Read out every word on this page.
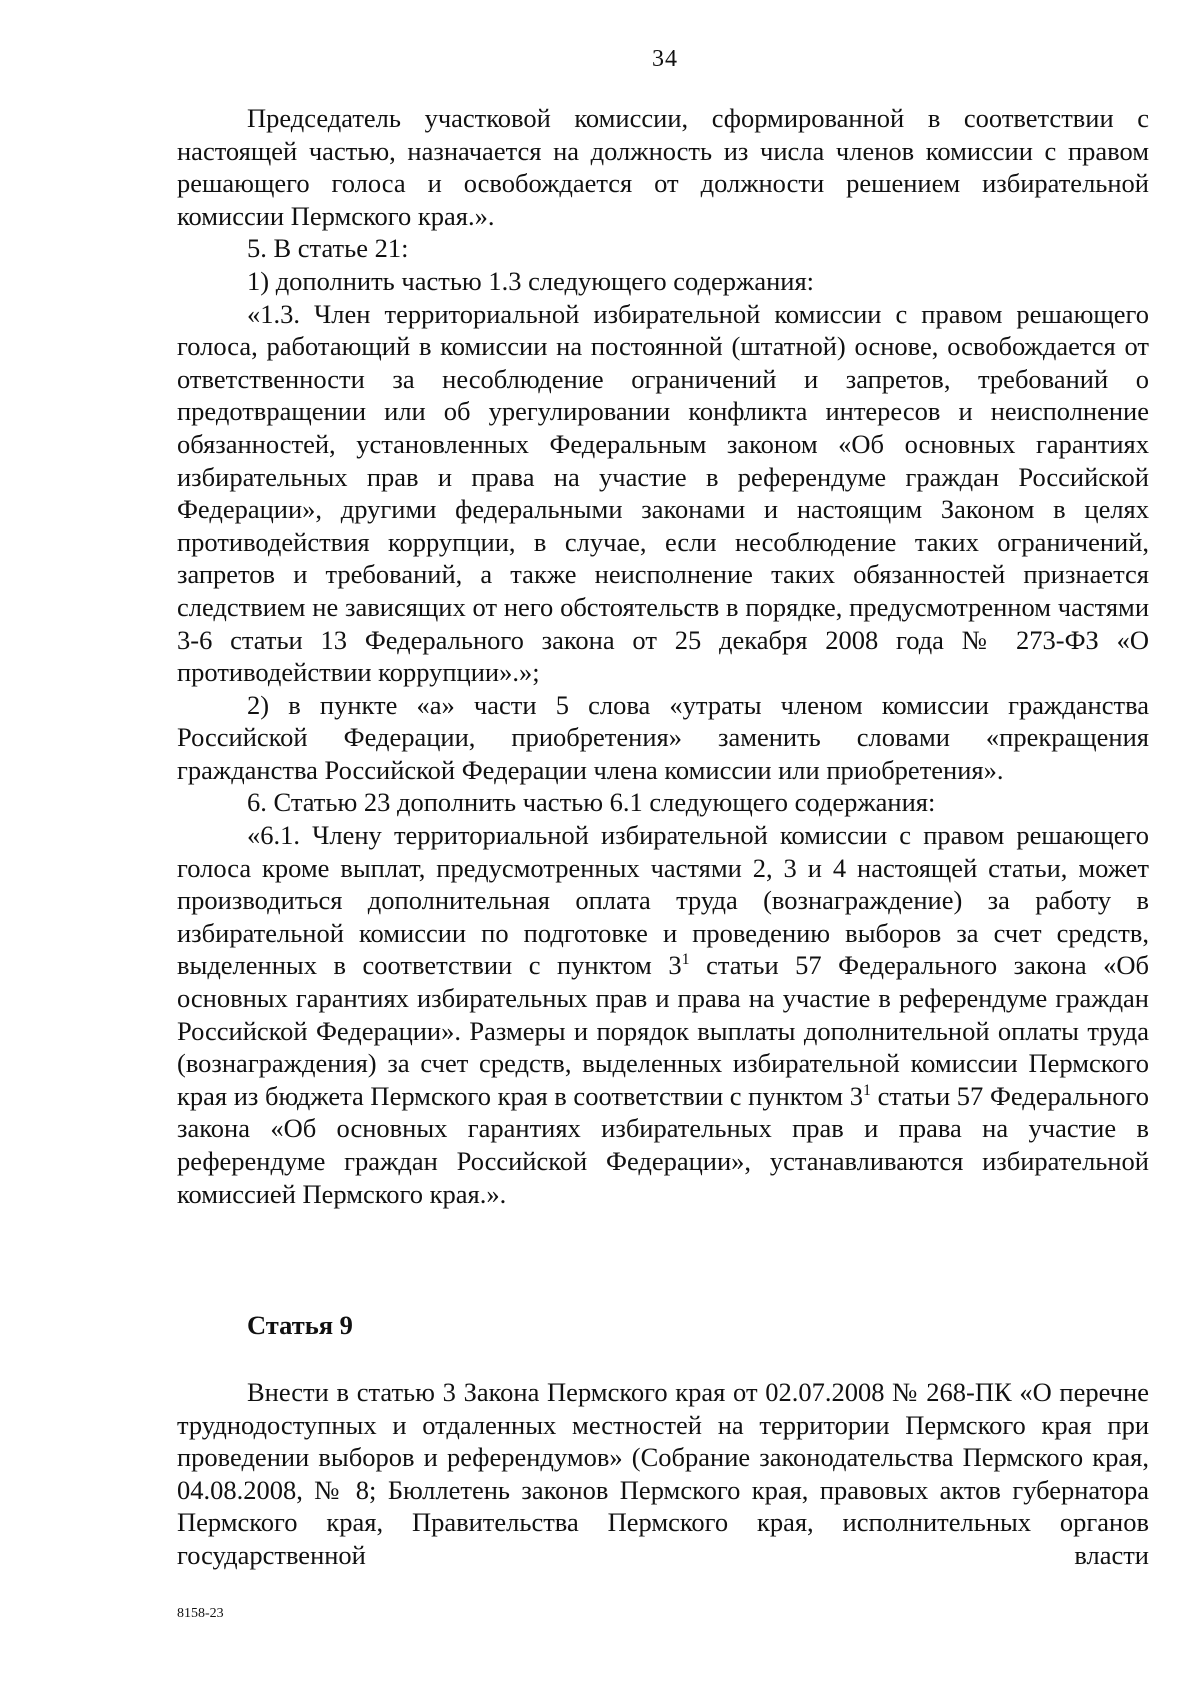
34

Председатель участковой комиссии, сформированной в соответствии с настоящей частью, назначается на должность из числа членов комиссии с правом решающего голоса и освобождается от должности решением избирательной комиссии Пермского края.».

5. В статье 21:

1) дополнить частью 1.3 следующего содержания:

«1.3. Член территориальной избирательной комиссии с правом решающего голоса, работающий в комиссии на постоянной (штатной) основе, освобождается от ответственности за несоблюдение ограничений и запретов, требований о предотвращении или об урегулировании конфликта интересов и неисполнение обязанностей, установленных Федеральным законом «Об основных гарантиях избирательных прав и права на участие в референдуме граждан Российской Федерации», другими федеральными законами и настоящим Законом в целях противодействия коррупции, в случае, если несоблюдение таких ограничений, запретов и требований, а также неисполнение таких обязанностей признается следствием не зависящих от него обстоятельств в порядке, предусмотренном частями 3-6 статьи 13 Федерального закона от 25 декабря 2008 года № 273-ФЗ «О противодействии коррупции».»;

2) в пункте «а» части 5 слова «утраты членом комиссии гражданства Российской Федерации, приобретения» заменить словами «прекращения гражданства Российской Федерации члена комиссии или приобретения».

6. Статью 23 дополнить частью 6.1 следующего содержания:

«6.1. Члену территориальной избирательной комиссии с правом решающего голоса кроме выплат, предусмотренных частями 2, 3 и 4 настоящей статьи, может производиться дополнительная оплата труда (вознаграждение) за работу в избирательной комиссии по подготовке и проведению выборов за счет средств, выделенных в соответствии с пунктом $3^1$ статьи 57 Федерального закона «Об основных гарантиях избирательных прав и права на участие в референдуме граждан Российской Федерации». Размеры и порядок выплаты дополнительной оплаты труда (вознаграждения) за счет средств, выделенных избирательной комиссии Пермского края из бюджета Пермского края в соответствии с пунктом $3^1$ статьи 57 Федерального закона «Об основных гарантиях избирательных прав и права на участие в референдуме граждан Российской Федерации», устанавливаются избирательной комиссией Пермского края.».

Статья 9

Внести в статью 3 Закона Пермского края от 02.07.2008 № 268-ПК «О перечне труднодоступных и отдаленных местностей на территории Пермского края при проведении выборов и референдумов» (Собрание законодательства Пермского края, 04.08.2008, № 8; Бюллетень законов Пермского края, правовых актов губернатора Пермского края, Правительства Пермского края, исполнительных органов государственной власти

8158-23
